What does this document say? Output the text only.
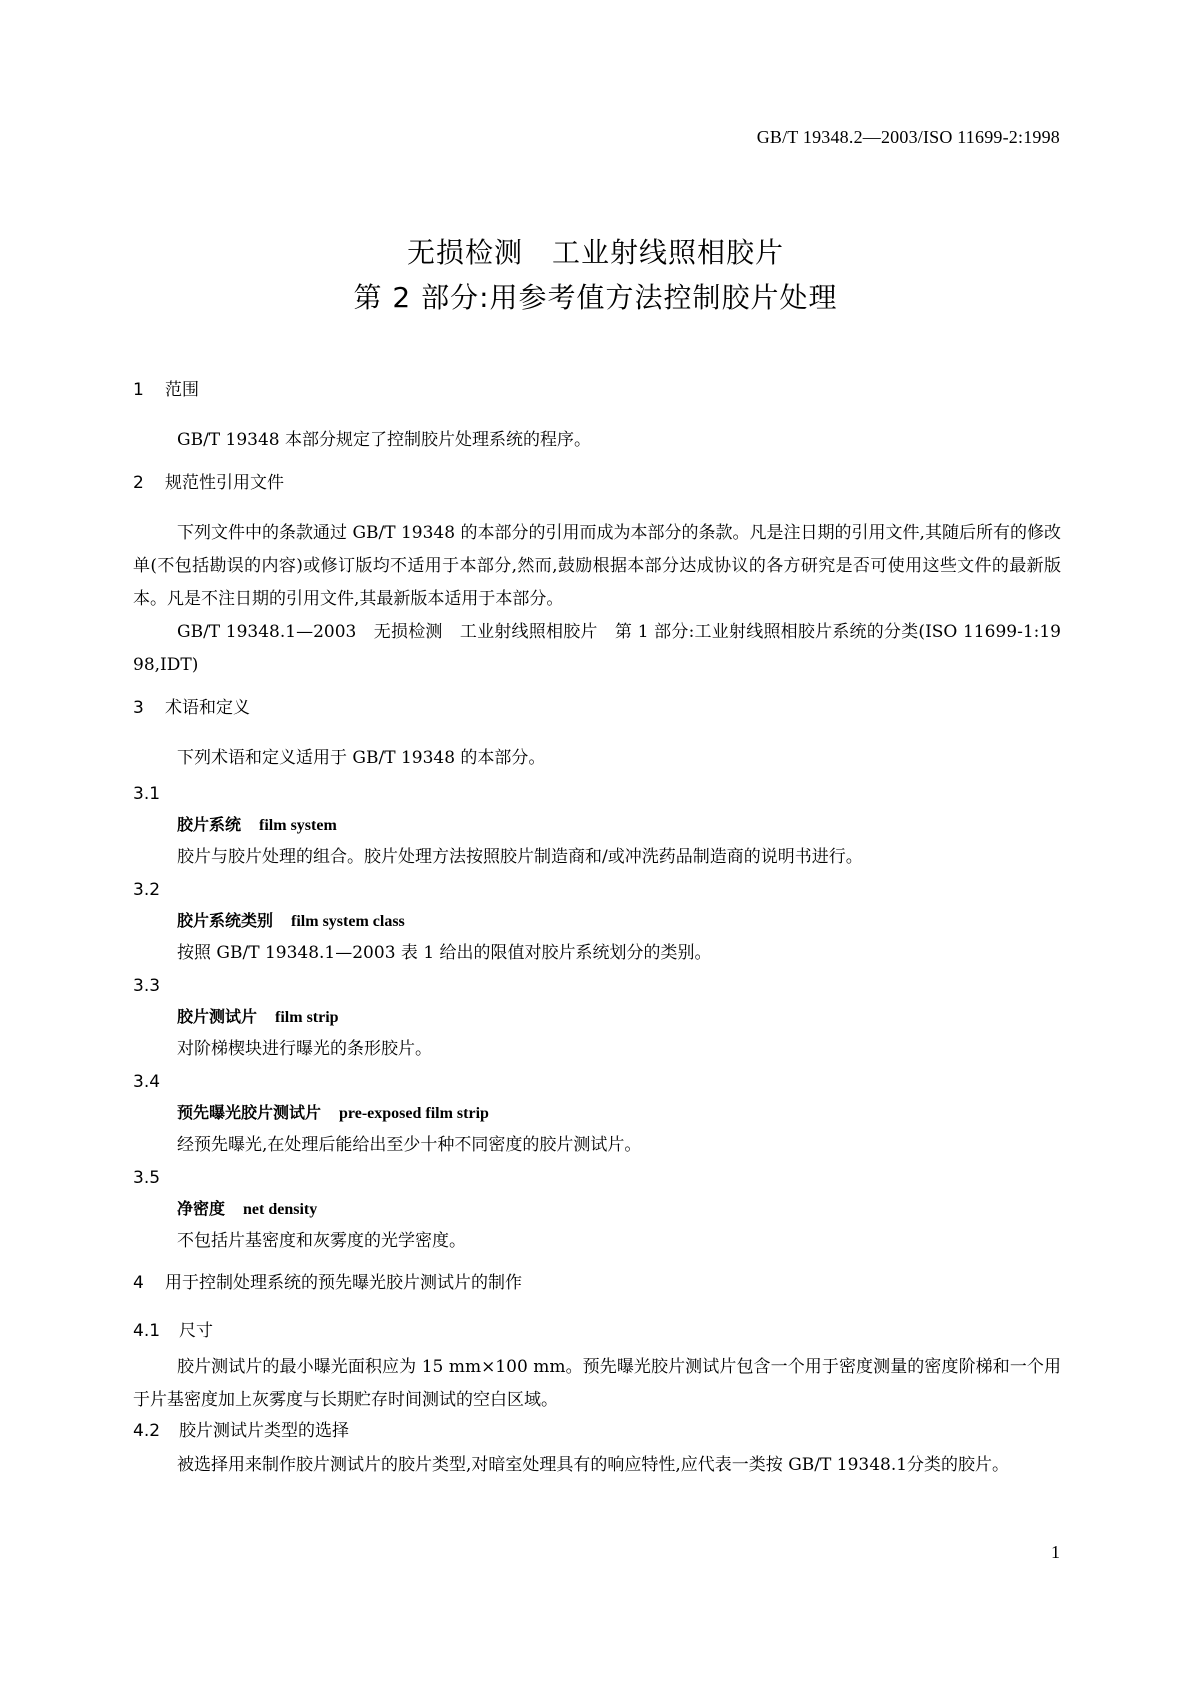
GB/T 19348.2—2003/ISO 11699-2:1998
无损检测　工业射线照相胶片
第 2 部分:用参考值方法控制胶片处理
1 范围
GB/T 19348 本部分规定了控制胶片处理系统的程序。
2 规范性引用文件
下列文件中的条款通过 GB/T 19348 的本部分的引用而成为本部分的条款。凡是注日期的引用文件,其随后所有的修改单(不包括勘误的内容)或修订版均不适用于本部分,然而,鼓励根据本部分达成协议的各方研究是否可使用这些文件的最新版本。凡是不注日期的引用文件,其最新版本适用于本部分。
GB/T 19348.1—2003　无损检测　工业射线照相胶片　第 1 部分:工业射线照相胶片系统的分类(ISO 11699-1:1998,IDT)
3 术语和定义
下列术语和定义适用于 GB/T 19348 的本部分。
3.1
胶片系统 film system
胶片与胶片处理的组合。胶片处理方法按照胶片制造商和/或冲洗药品制造商的说明书进行。
3.2
胶片系统类别 film system class
按照 GB/T 19348.1—2003 表 1 给出的限值对胶片系统划分的类别。
3.3
胶片测试片 film strip
对阶梯楔块进行曝光的条形胶片。
3.4
预先曝光胶片测试片 pre-exposed film strip
经预先曝光,在处理后能给出至少十种不同密度的胶片测试片。
3.5
净密度 net density
不包括片基密度和灰雾度的光学密度。
4 用于控制处理系统的预先曝光胶片测试片的制作
4.1 尺寸
胶片测试片的最小曝光面积应为 15 mm×100 mm。预先曝光胶片测试片包含一个用于密度测量的密度阶梯和一个用于片基密度加上灰雾度与长期贮存时间测试的空白区域。
4.2 胶片测试片类型的选择
被选择用来制作胶片测试片的胶片类型,对暗室处理具有的响应特性,应代表一类按 GB/T 19348.1分类的胶片。
1
